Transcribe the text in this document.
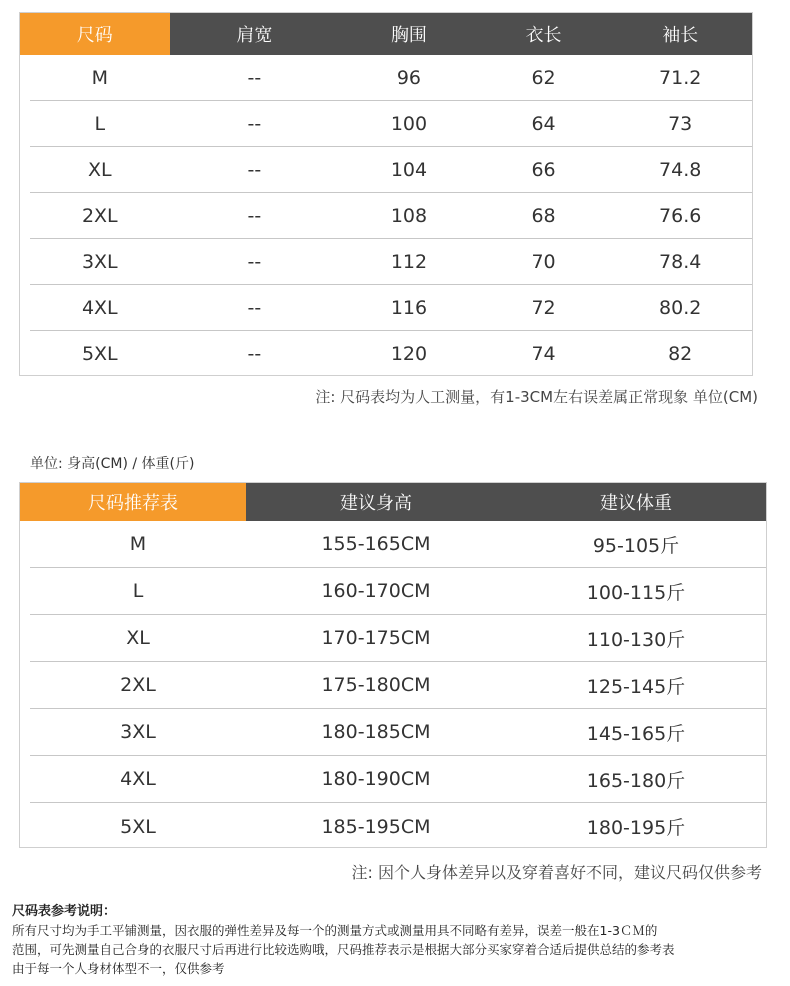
尺码	肩宽	胸围	衣长	袖长
M	--	96	62	71.2
L	--	100	64	73
XL	--	104	66	74.8
2XL	--	108	68	76.6
3XL	--	112	70	78.4
4XL	--	116	72	80.2
5XL	--	120	74	82
注: 尺码表均为人工测量，有1-3CM左右误差属正常现象 单位(CM)
单位: 身高(CM) / 体重(斤)
尺码推荐表	建议身高	建议体重
M	155-165CM	95-105斤
L	160-170CM	100-115斤
XL	170-175CM	110-130斤
2XL	175-180CM	125-145斤
3XL	180-185CM	145-165斤
4XL	180-190CM	165-180斤
5XL	185-195CM	180-195斤
注: 因个人身体差异以及穿着喜好不同，建议尺码仅供参考
尺码表参考说明：
所有尺寸均为手工平铺测量，因衣服的弹性差异及每一个的测量方式或测量用具不同略有差异，误差一般在1-3ＣＭ的
范围，可先测量自己合身的衣服尺寸后再进行比较选购哦，尺码推荐表示是根据大部分买家穿着合适后提供总结的参考表
由于每一个人身材体型不一，仅供参考
